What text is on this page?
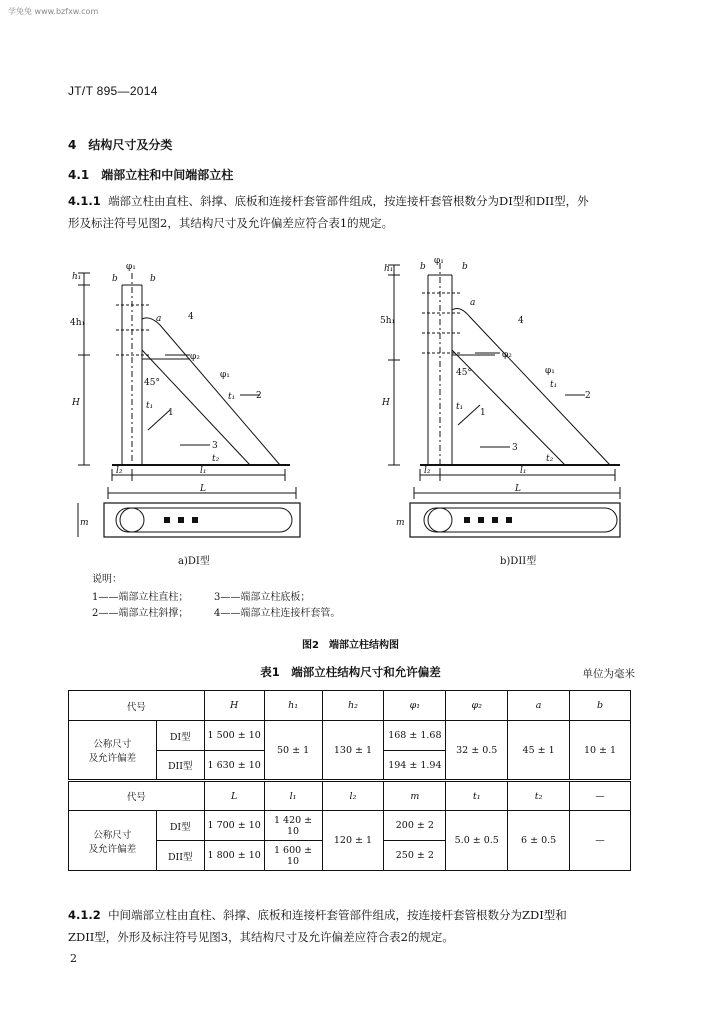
学兔兔 www.bzfxw.com
JT/T 895—2014
4　结构尺寸及分类
4.1　端部立柱和中间端部立柱
4.1.1 端部立柱由直柱、斜撑、底板和连接杆套管部件组成，按连接杆套管根数分为DI型和DII型，外
形及标注符号见图2，其结构尺寸及允许偏差应符合表1的规定。
h₁
4h₁
H
b
φ₁
b
a	4
φ₂
45°
φ₁
2
t₁
t₁
1
3
t₂
l₂	l₁
L
m
h₁
5h₁
H
b
φ₁
b
a
4
φ₂
45°	φ₁
2
t₁
t₁
1
3
t₂
l₂	l₁
L
m
a)DI型	b)DII型
说明：
1——端部立柱直柱；	3——端部立柱底板；
2——端部立柱斜撑；	4——端部立柱连接杆套管。
图2　端部立柱结构图
表1　端部立柱结构尺寸和允许偏差	单位为毫米
代号		H	h₁	h₂	φ₁	φ₂	a	b
公称尺寸
及允许偏差	DI型	1 500 ± 10	50 ± 1	130 ± 1	168 ± 1.68	32 ± 0.5	45 ± 1	10 ± 1
	DII型	1 630 ± 10			194 ± 1.94			
代号		L	l₁	l₂	m	t₁	t₂	—
公称尺寸
及允许偏差	DI型	1 700 ± 10	1 420 ± 10	120 ± 1	200 ± 2	5.0 ± 0.5	6 ± 0.5	—
	DII型	1 800 ± 10	1 600 ± 10		250 ± 2			
4.1.2 中间端部立柱由直柱、斜撑、底板和连接杆套管部件组成，按连接杆套管根数分为ZDI型和
ZDII型，外形及标注符号见图3，其结构尺寸及允许偏差应符合表2的规定。
2
